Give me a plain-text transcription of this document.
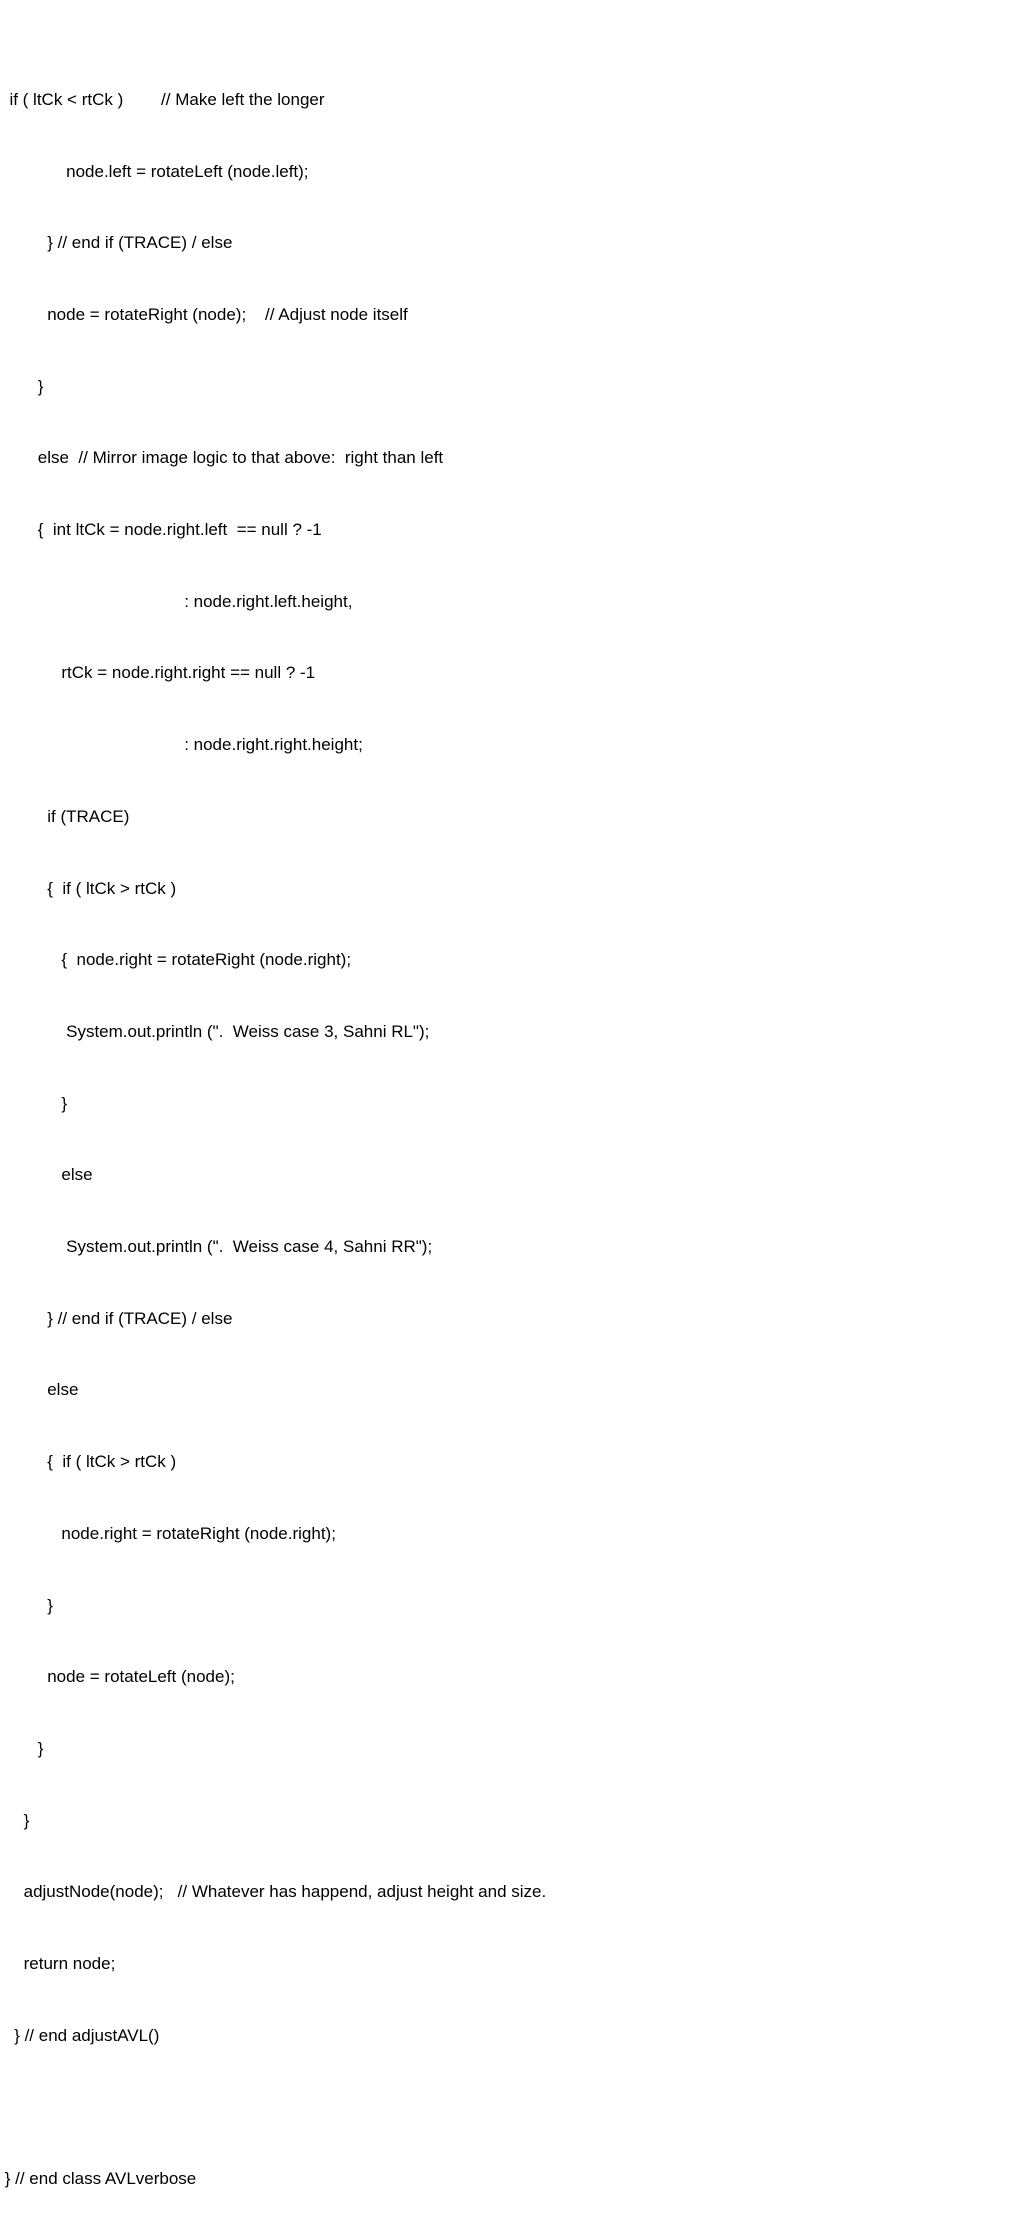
if ( ltCk < rtCk )        // Make left the longer

node.left = rotateLeft (node.left);

} // end if (TRACE) / else

node = rotateRight (node);    // Adjust node itself

}

else  // Mirror image logic to that above:  right than left

{  int ltCk = node.right.left  == null ? -1

: node.right.left.height,

rtCk = node.right.right == null ? -1

: node.right.right.height;

if (TRACE)

{  if ( ltCk > rtCk )

{  node.right = rotateRight (node.right);

System.out.println (".  Weiss case 3, Sahni RL");

}

else

System.out.println (".  Weiss case 4, Sahni RR");

} // end if (TRACE) / else

else

{  if ( ltCk > rtCk )

node.right = rotateRight (node.right);

}

node = rotateLeft (node);

}

}

adjustNode(node);   // Whatever has happend, adjust height and size.

return node;

} // end adjustAVL()

} // end class AVLverbose
